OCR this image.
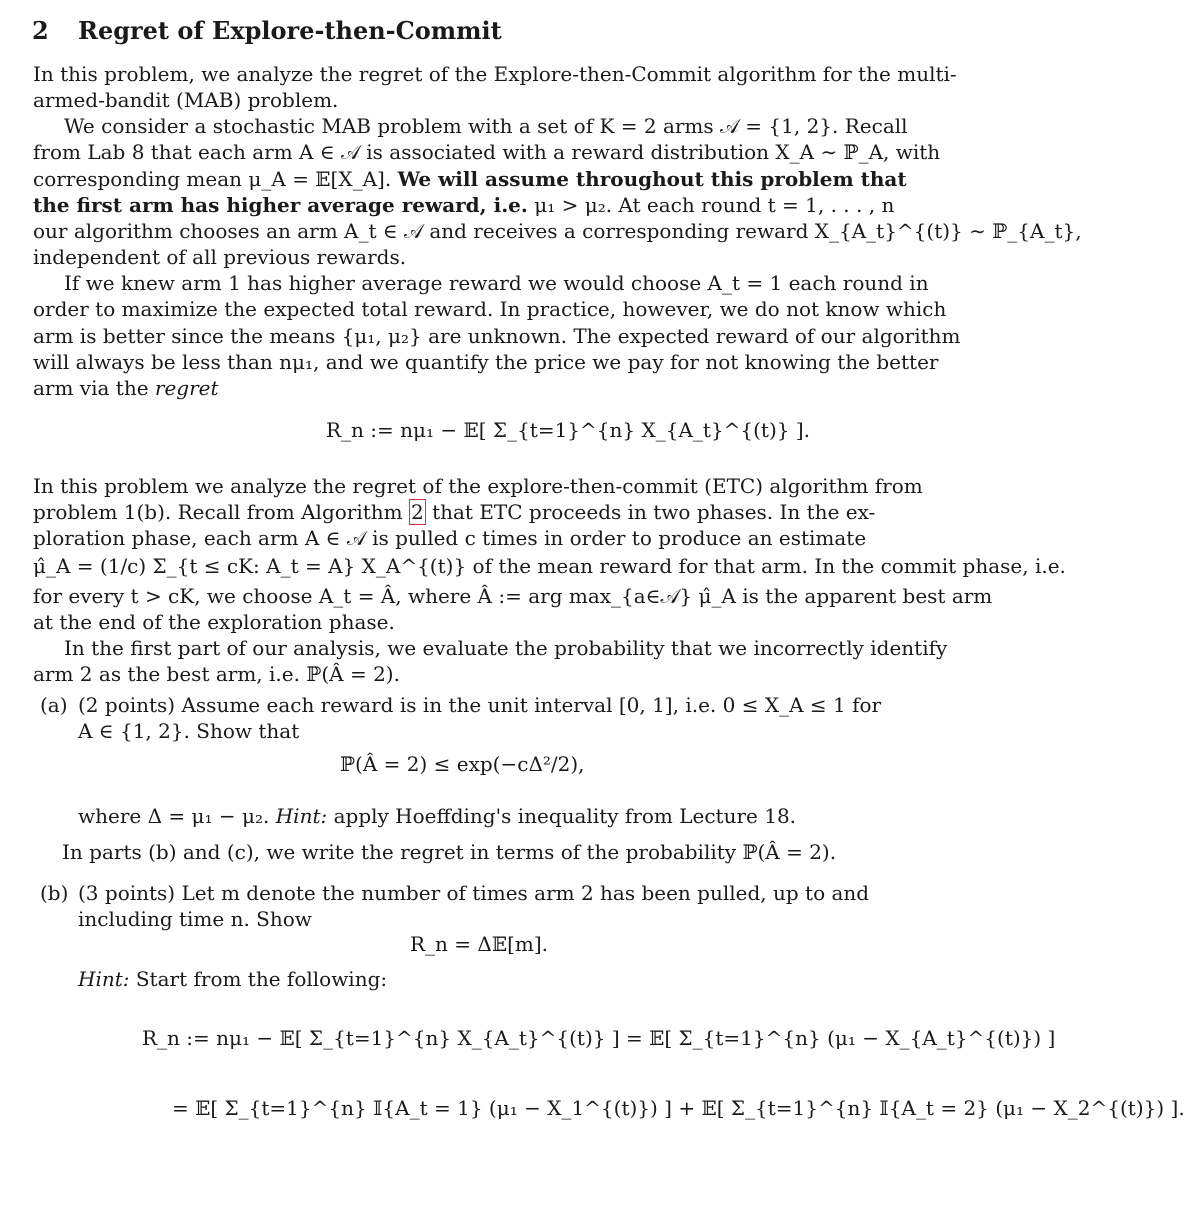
2 Regret of Explore-then-Commit
In this problem, we analyze the regret of the Explore-then-Commit algorithm for the multi-
armed-bandit (MAB) problem.
We consider a stochastic MAB problem with a set of K = 2 arms 𝒜 = {1, 2}. Recall
from Lab 8 that each arm A ∈ 𝒜 is associated with a reward distribution X_A ∼ ℙ_A, with
corresponding mean μ_A = 𝔼[X_A]. We will assume throughout this problem that
the first arm has higher average reward, i.e. μ₁ > μ₂. At each round t = 1, . . . , n
our algorithm chooses an arm A_t ∈ 𝒜 and receives a corresponding reward X_{A_t}^{(t)} ∼ ℙ_{A_t},
independent of all previous rewards.
If we knew arm 1 has higher average reward we would choose A_t = 1 each round in
order to maximize the expected total reward. In practice, however, we do not know which
arm is better since the means {μ₁, μ₂} are unknown. The expected reward of our algorithm
will always be less than nμ₁, and we quantify the price we pay for not knowing the better
arm via the regret
R_n := nμ₁ − 𝔼[ Σ_{t=1}^{n} X_{A_t}^{(t)} ].
In this problem we analyze the regret of the explore-then-commit (ETC) algorithm from
problem 1(b). Recall from Algorithm 2 that ETC proceeds in two phases. In the ex-
ploration phase, each arm A ∈ 𝒜 is pulled c times in order to produce an estimate
μ̂_A = (1/c) Σ_{t ≤ cK: A_t = A} X_A^{(t)} of the mean reward for that arm. In the commit phase, i.e.
for every t > cK, we choose A_t = Â, where Â := arg max_{a∈𝒜} μ̂_A is the apparent best arm
at the end of the exploration phase.
In the first part of our analysis, we evaluate the probability that we incorrectly identify
arm 2 as the best arm, i.e. ℙ(Â = 2).
(a) (2 points) Assume each reward is in the unit interval [0, 1], i.e. 0 ≤ X_A ≤ 1 for
A ∈ {1, 2}. Show that
ℙ(Â = 2) ≤ exp(−cΔ²/2),
where Δ = μ₁ − μ₂. Hint: apply Hoeffding's inequality from Lecture 18.
In parts (b) and (c), we write the regret in terms of the probability ℙ(Â = 2).
(b) (3 points) Let m denote the number of times arm 2 has been pulled, up to and
including time n. Show
R_n = Δ𝔼[m].
Hint: Start from the following:
R_n := nμ₁ − 𝔼[ Σ_{t=1}^{n} X_{A_t}^{(t)} ] = 𝔼[ Σ_{t=1}^{n} (μ₁ − X_{A_t}^{(t)}) ]
= 𝔼[ Σ_{t=1}^{n} 𝕀{A_t = 1} (μ₁ − X_1^{(t)}) ] + 𝔼[ Σ_{t=1}^{n} 𝕀{A_t = 2} (μ₁ − X_2^{(t)}) ].
